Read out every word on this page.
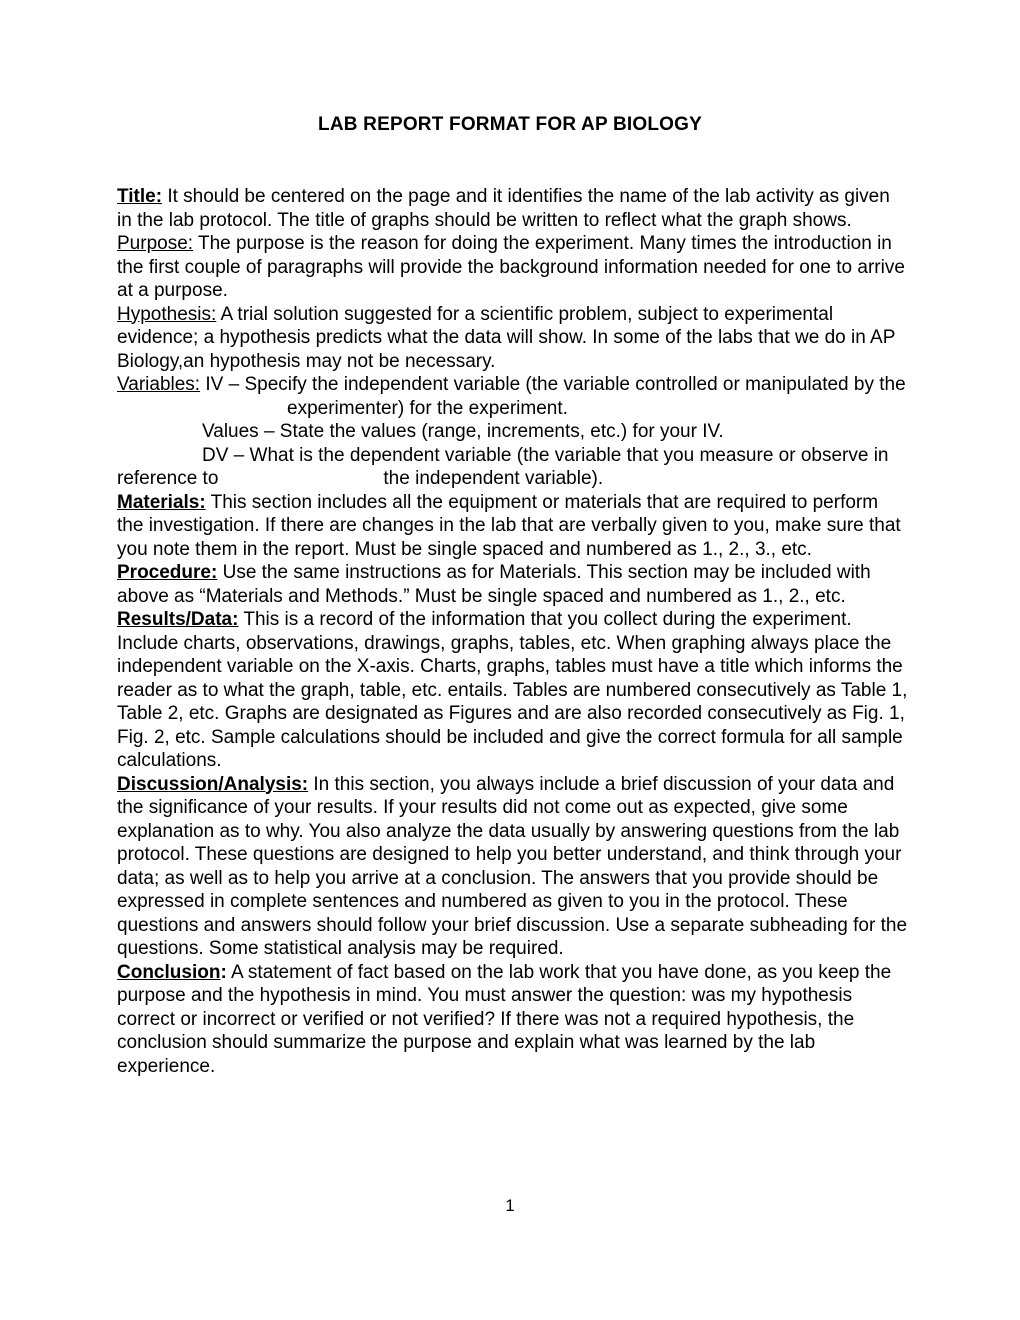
LAB REPORT FORMAT FOR AP BIOLOGY

Title: It should be centered on the page and it identifies the name of the lab activity as given in the lab protocol. The title of graphs should be written to reflect what the graph shows.

Purpose: The purpose is the reason for doing the experiment. Many times the introduction in the first couple of paragraphs will provide the background information needed for one to arrive at a purpose.

Hypothesis: A trial solution suggested for a scientific problem, subject to experimental evidence; a hypothesis predicts what the data will show. In some of the labs that we do in AP Biology,an hypothesis may not be necessary.

Variables: IV – Specify the independent variable (the variable controlled or manipulated by theexperimenter) for the experiment.

Values – State the values (range, increments, etc.) for your IV.

DV – What is the dependent variable (the variable that you measure or observe in reference to	the independent variable).

Materials: This section includes all the equipment or materials that are required to perform the investigation. If there are changes in the lab that are verbally given to you, make sure that you note them in the report. Must be single spaced and numbered as 1., 2., 3., etc.

Procedure: Use the same instructions as for Materials. This section may be included with above as “Materials and Methods.” Must be single spaced and numbered as 1., 2., etc.

Results/Data: This is a record of the information that you collect during the experiment. Include charts, observations, drawings, graphs, tables, etc. When graphing always place the independent variable on the X-axis. Charts, graphs, tables must have a title which informs the reader as to what the graph, table, etc. entails. Tables are numbered consecutively as Table 1, Table 2, etc. Graphs are designated as Figures and are also recorded consecutively as Fig. 1, Fig. 2, etc. Sample calculations should be included and give the correct formula for all sample calculations.

Discussion/Analysis: In this section, you always include a brief discussion of your data and the significance of your results. If your results did not come out as expected, give some explanation as to why. You also analyze the data usually by answering questions from the lab protocol. These questions are designed to help you better understand, and think through your data; as well as to help you arrive at a conclusion. The answers that you provide should be expressed in complete sentences and numbered as given to you in the protocol. These questions and answers should follow your brief discussion. Use a separate subheading for the questions. Some statistical analysis may be required.

Conclusion: A statement of fact based on the lab work that you have done, as you keep the purpose and the hypothesis in mind. You must answer the question: was my hypothesis correct or incorrect or verified or not verified? If there was not a required hypothesis, the conclusion should summarize the purpose and explain what was learned by the lab experience.

1
